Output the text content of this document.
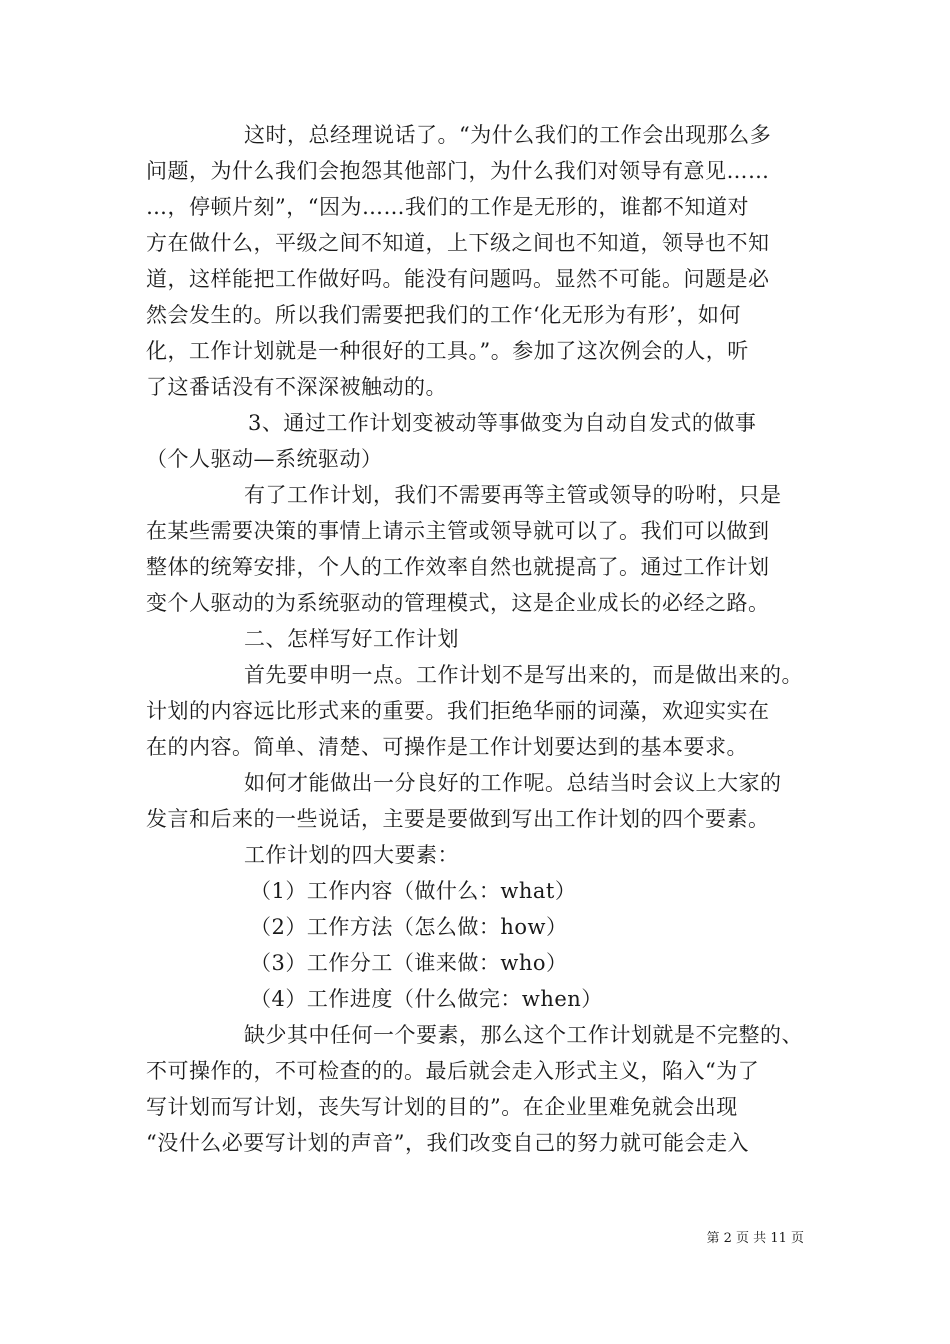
这时，总经理说话了。“为什么我们的工作会出现那么多
问题，为什么我们会抱怨其他部门，为什么我们对领导有意见……
…，停顿片刻”，“因为……我们的工作是无形的，谁都不知道对
方在做什么，平级之间不知道，上下级之间也不知道，领导也不知
道，这样能把工作做好吗。能没有问题吗。显然不可能。问题是必
然会发生的。所以我们需要把我们的工作‘化无形为有形’，如何
化，工作计划就是一种很好的工具。”。参加了这次例会的人，听
了这番话没有不深深被触动的。
3、通过工作计划变被动等事做变为自动自发式的做事
（个人驱动—系统驱动）
有了工作计划，我们不需要再等主管或领导的吩咐，只是
在某些需要决策的事情上请示主管或领导就可以了。我们可以做到
整体的统筹安排，个人的工作效率自然也就提高了。通过工作计划
变个人驱动的为系统驱动的管理模式，这是企业成长的必经之路。
二、怎样写好工作计划
首先要申明一点。工作计划不是写出来的，而是做出来的。
计划的内容远比形式来的重要。我们拒绝华丽的词藻，欢迎实实在
在的内容。简单、清楚、可操作是工作计划要达到的基本要求。
如何才能做出一分良好的工作呢。总结当时会议上大家的
发言和后来的一些说话，主要是要做到写出工作计划的四个要素。
工作计划的四大要素：
（1）工作内容（做什么：what）
（2）工作方法（怎么做：how）
（3）工作分工（谁来做：who）
（4）工作进度（什么做完：when）
缺少其中任何一个要素，那么这个工作计划就是不完整的、
不可操作的，不可检查的的。最后就会走入形式主义，陷入“为了
写计划而写计划，丧失写计划的目的”。在企业里难免就会出现
“没什么必要写计划的声音”，我们改变自己的努力就可能会走入
第 2 页 共 11 页
